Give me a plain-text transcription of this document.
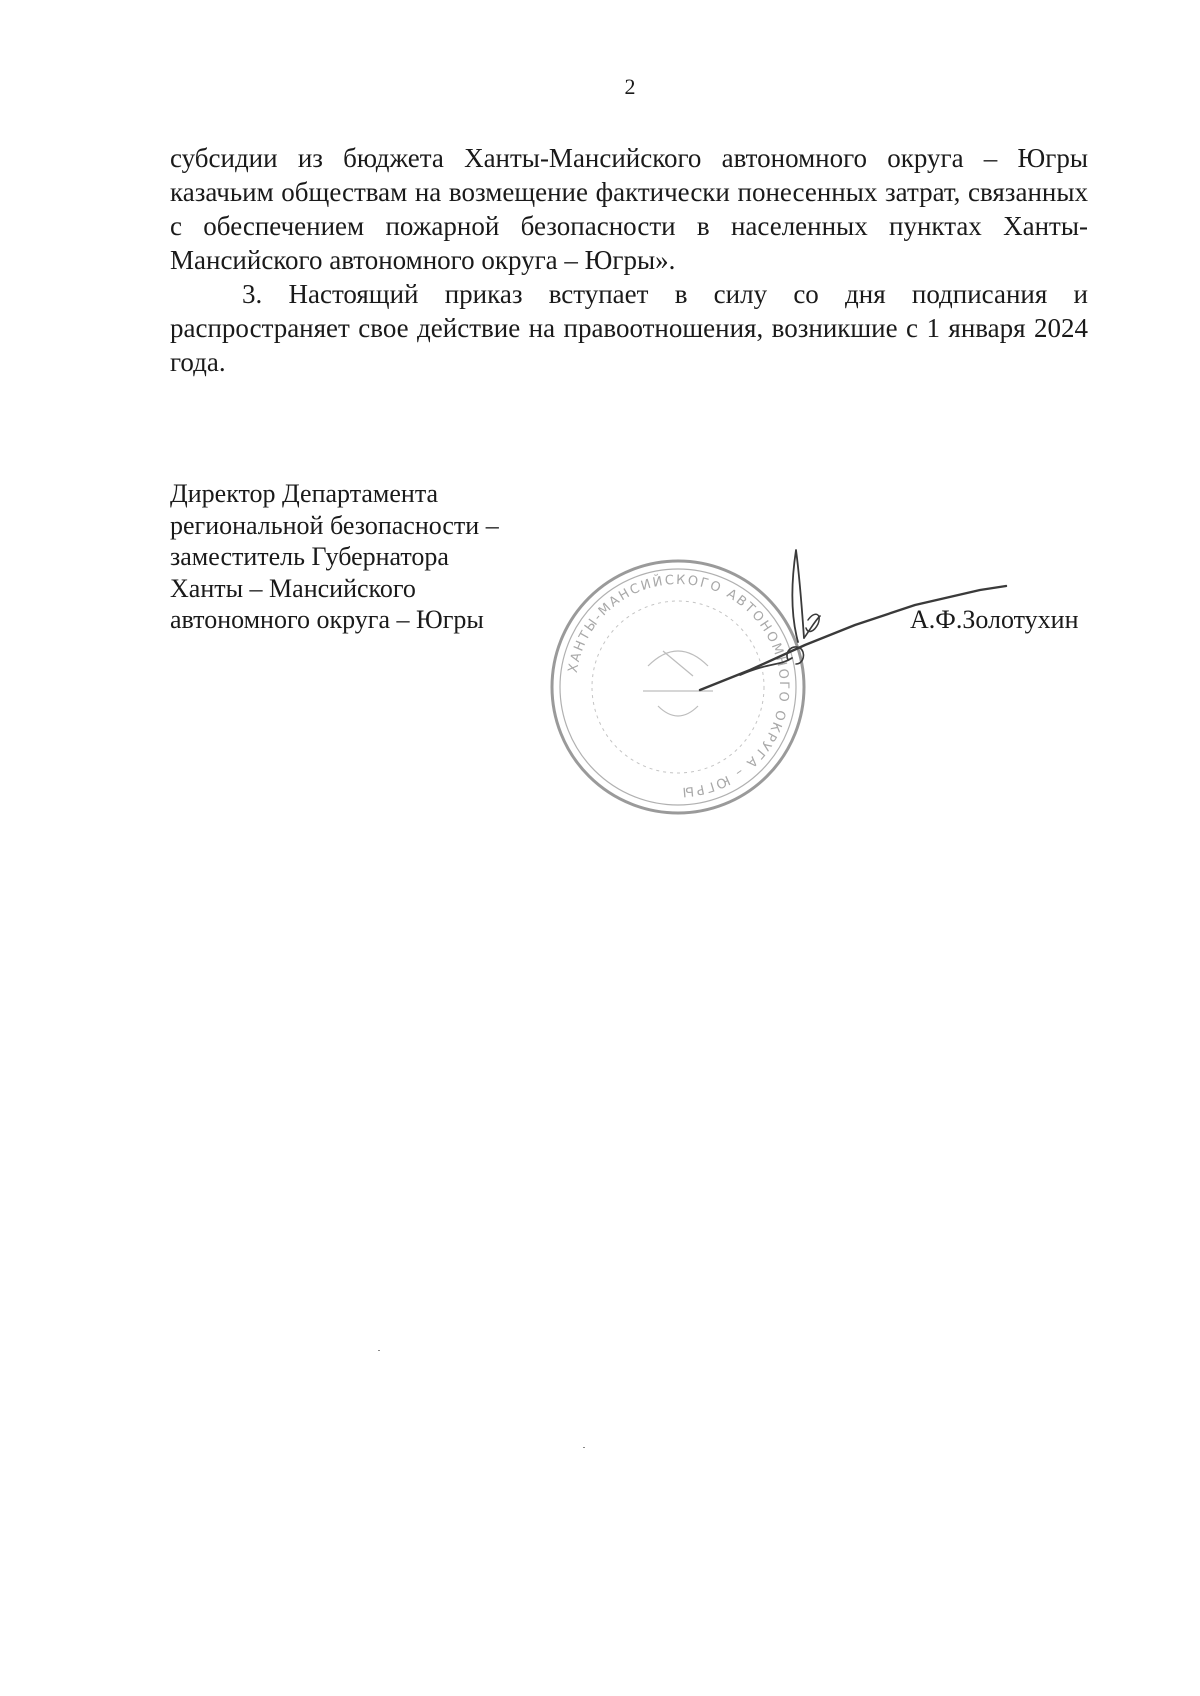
2

субсидии из бюджета Ханты-Мансийского автономного округа – Югры казачьим обществам на возмещение фактически понесенных затрат, связанных с обеспечением пожарной безопасности в населенных пунктах Ханты-Мансийского автономного округа – Югры».

3. Настоящий приказ вступает в силу со дня подписания и распространяет свое действие на правоотношения, возникшие с 1 января 2024 года.

Директор Департамента
региональной безопасности –
заместитель Губернатора
Ханты – Мансийского
автономного округа – Югры
ХАНТЫ-МАНСИЙСКОГО АВТОНОМНОГО ОКРУГА – ЮГРЫ
А.Ф.Золотухин
